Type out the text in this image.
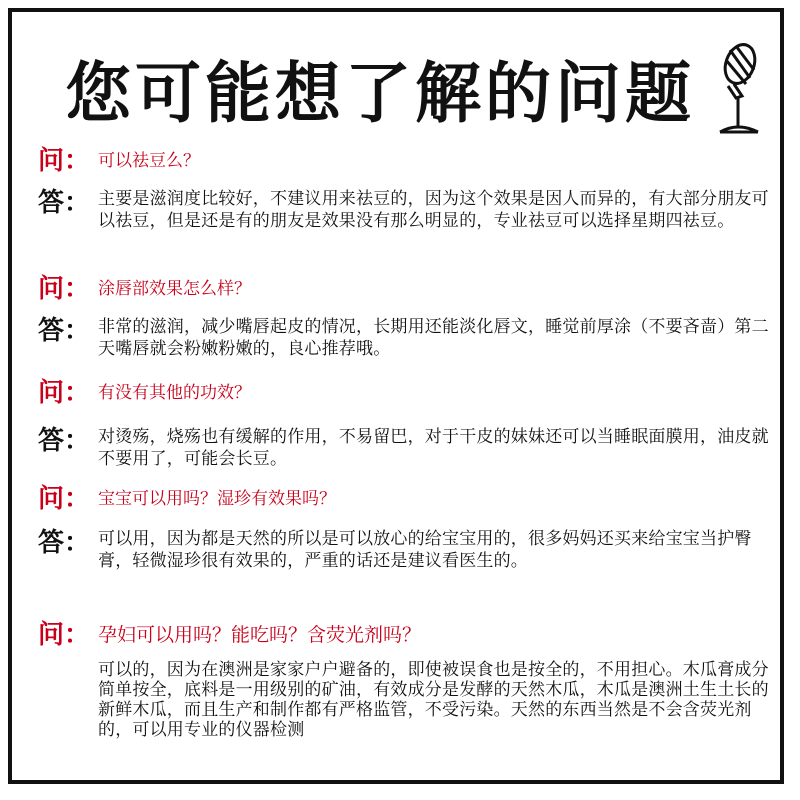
您可能想了解的问题
问： 可以祛豆么？
答： 主要是滋润度比较好，不建议用来祛豆的，因为这个效果是因人而异的，有大部分朋友可以祛豆，但是还是有的朋友是效果没有那么明显的，专业祛豆可以选择星期四祛豆。
问： 涂唇部效果怎么样？
答： 非常的滋润，减少嘴唇起皮的情况，长期用还能淡化唇文，睡觉前厚涂（不要吝啬）第二天嘴唇就会粉嫩粉嫩的，良心推荐哦。
问： 有没有其他的功效？
答： 对烫殇，烧殇也有缓解的作用，不易留巴，对于干皮的妹妹还可以当睡眠面膜用，油皮就不要用了，可能会长豆。
问： 宝宝可以用吗？湿珍有效果吗？
答： 可以用，因为都是天然的所以是可以放心的给宝宝用的，很多妈妈还买来给宝宝当护臀膏，轻微湿珍很有效果的，严重的话还是建议看医生的。
问： 孕妇可以用吗？能吃吗？含荧光剂吗？
可以的，因为在澳洲是家家户户避备的，即使被误食也是按全的，不用担心。木瓜膏成分简单按全，底料是一用级别的矿油，有效成分是发酵的天然木瓜，木瓜是澳洲土生土长的新鲜木瓜，而且生产和制作都有严格监管，不受污染。天然的东西当然是不会含荧光剂的，可以用专业的仪器检测
